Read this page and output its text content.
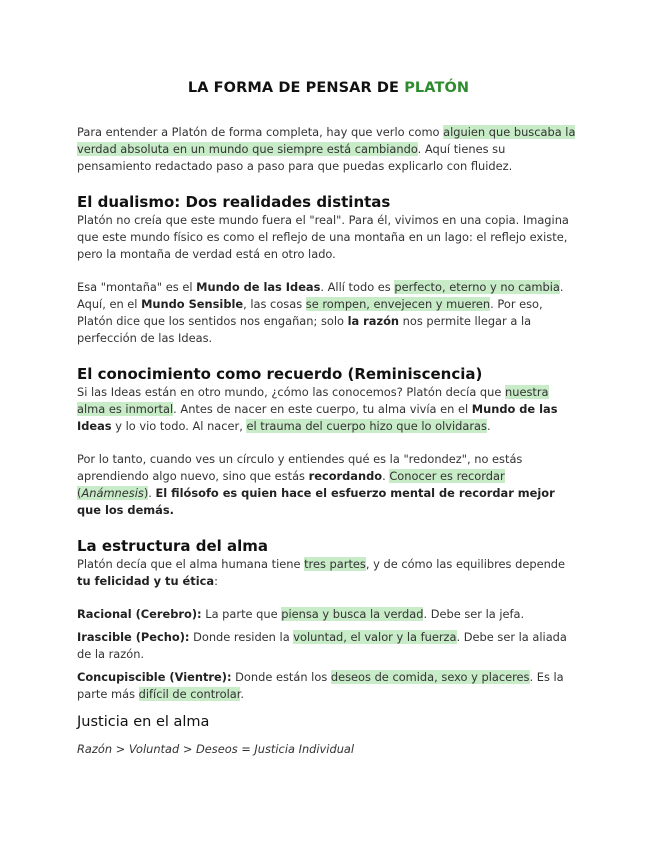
LA FORMA DE PENSAR DE PLATÓN

Para entender a Platón de forma completa, hay que verlo como alguien que buscaba la verdad absoluta en un mundo que siempre está cambiando. Aquí tienes su pensamiento redactado paso a paso para que puedas explicarlo con fluidez.

El dualismo: Dos realidades distintas

Platón no creía que este mundo fuera el "real". Para él, vivimos en una copia. Imagina que este mundo físico es como el reflejo de una montaña en un lago: el reflejo existe, pero la montaña de verdad está en otro lado.

Esa "montaña" es el Mundo de las Ideas. Allí todo es perfecto, eterno y no cambia. Aquí, en el Mundo Sensible, las cosas se rompen, envejecen y mueren. Por eso, Platón dice que los sentidos nos engañan; solo la razón nos permite llegar a la perfección de las Ideas.

El conocimiento como recuerdo (Reminiscencia)

Si las Ideas están en otro mundo, ¿cómo las conocemos? Platón decía que nuestra alma es inmortal. Antes de nacer en este cuerpo, tu alma vivía en el Mundo de las Ideas y lo vio todo. Al nacer, el trauma del cuerpo hizo que lo olvidaras.

Por lo tanto, cuando ves un círculo y entiendes qué es la "redondez", no estás aprendiendo algo nuevo, sino que estás recordando. Conocer es recordar (Anámnesis). El filósofo es quien hace el esfuerzo mental de recordar mejor que los demás.

La estructura del alma

Platón decía que el alma humana tiene tres partes, y de cómo las equilibres depende tu felicidad y tu ética:

Racional (Cerebro): La parte que piensa y busca la verdad. Debe ser la jefa.

Irascible (Pecho): Donde residen la voluntad, el valor y la fuerza. Debe ser la aliada de la razón.

Concupiscible (Vientre): Donde están los deseos de comida, sexo y placeres. Es la parte más difícil de controlar.

Justicia en el alma

Razón > Voluntad > Deseos = Justicia Individual
